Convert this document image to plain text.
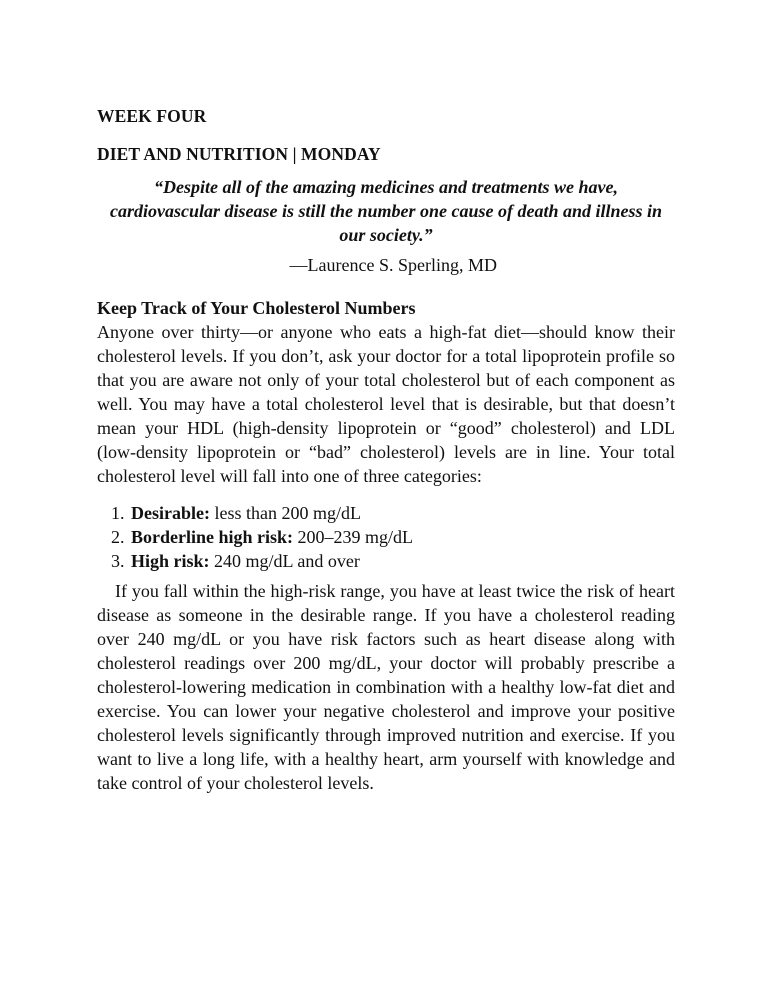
WEEK FOUR

DIET AND NUTRITION | MONDAY

“Despite all of the amazing medicines and treatments we have, cardiovascular disease is still the number one cause of death and illness in our society.”

—Laurence S. Sperling, MD

Keep Track of Your Cholesterol Numbers

Anyone over thirty—or anyone who eats a high-fat diet—should know their cholesterol levels. If you don’t, ask your doctor for a total lipoprotein profile so that you are aware not only of your total cholesterol but of each component as well. You may have a total cholesterol level that is desirable, but that doesn’t mean your HDL (high-density lipoprotein or “good” cholesterol) and LDL (low-density lipoprotein or “bad” cholesterol) levels are in line. Your total cholesterol level will fall into one of three categories:

1. Desirable: less than 200 mg/dL
2. Borderline high risk: 200–239 mg/dL
3. High risk: 240 mg/dL and over

If you fall within the high-risk range, you have at least twice the risk of heart disease as someone in the desirable range. If you have a cholesterol reading over 240 mg/dL or you have risk factors such as heart disease along with cholesterol readings over 200 mg/dL, your doctor will probably prescribe a cholesterol-lowering medication in combination with a healthy low-fat diet and exercise. You can lower your negative cholesterol and improve your positive cholesterol levels significantly through improved nutrition and exercise. If you want to live a long life, with a healthy heart, arm yourself with knowledge and take control of your cholesterol levels.
